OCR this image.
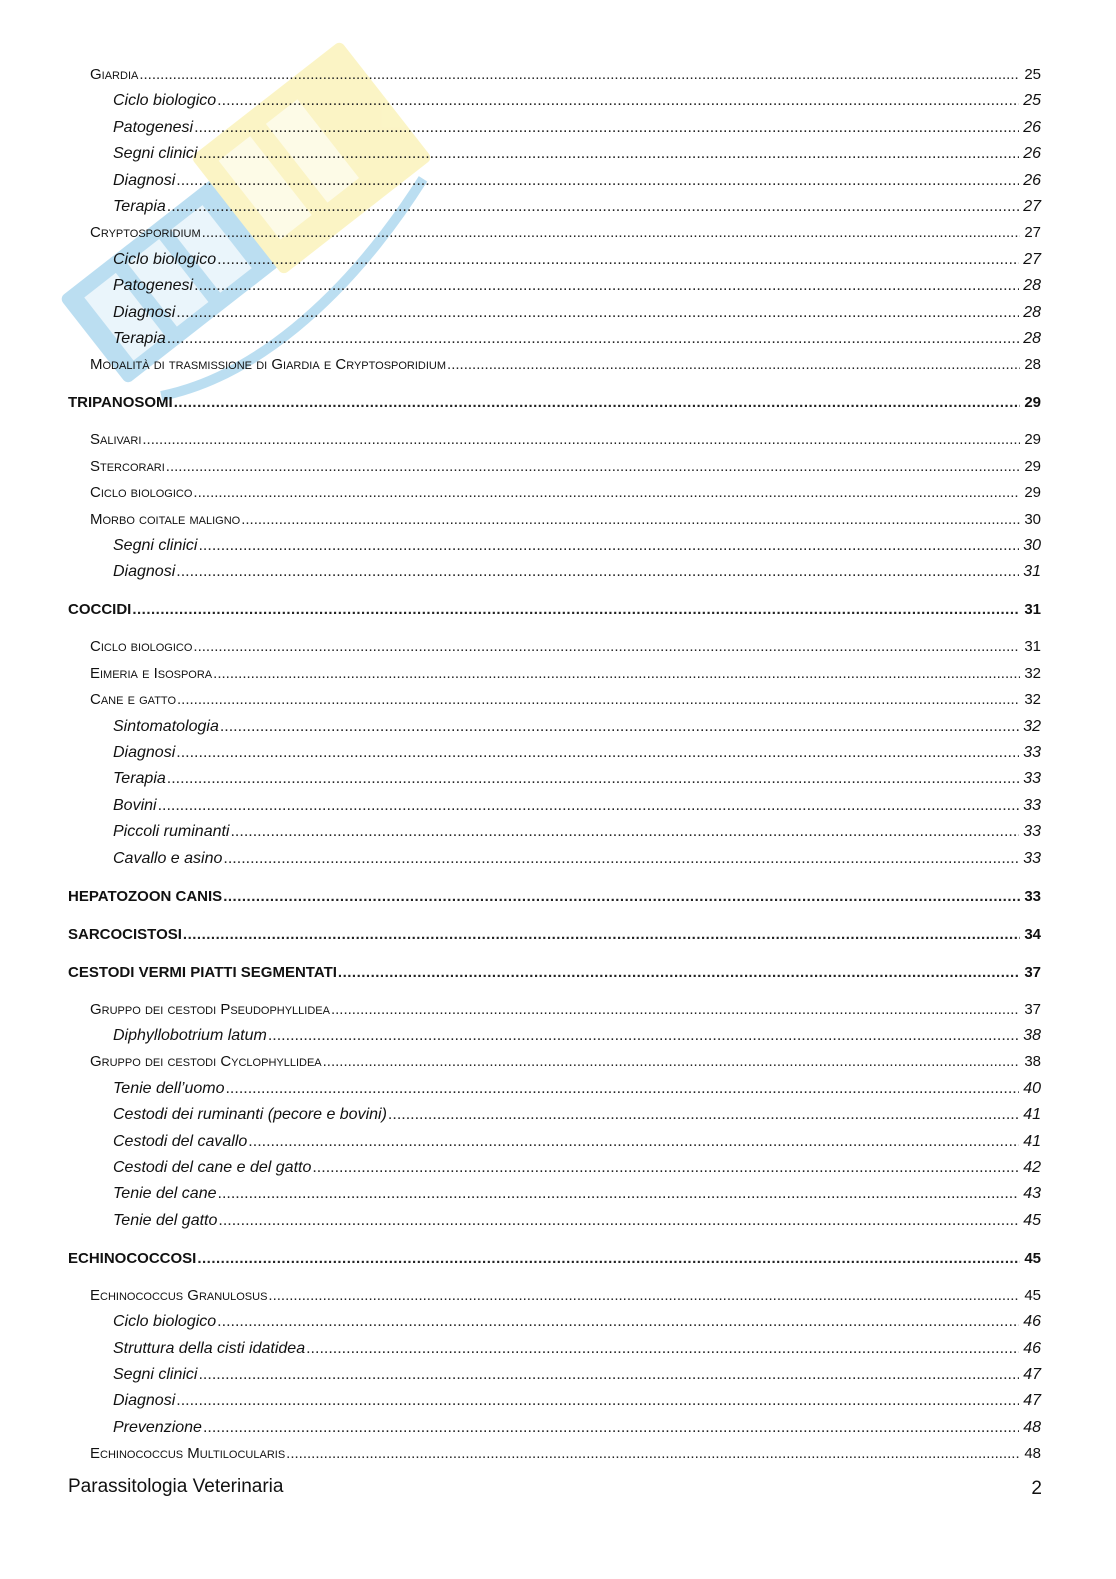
Giardia .....	25
Ciclo biologico .....	25
Patogenesi .....	26
Segni clinici .....	26
Diagnosi .....	26
Terapia .....	27
Cryptosporidium .....	27
Ciclo biologico .....	27
Patogenesi .....	28
Diagnosi .....	28
Terapia .....	28
Modalità di trasmissione di Giardia e Cryptosporidium .....	28
TRIPANOSOMI .....	29
Salivari .....	29
Stercorari .....	29
Ciclo biologico .....	29
Morbo coitale maligno .....	30
Segni clinici .....	30
Diagnosi .....	31
COCCIDI .....	31
Ciclo biologico .....	31
Eimeria e Isospora .....	32
Cane e gatto .....	32
Sintomatologia .....	32
Diagnosi .....	33
Terapia .....	33
Bovini .....	33
Piccoli ruminanti .....	33
Cavallo e asino .....	33
HEPATOZOON CANIS .....	33
SARCOCISTOSI .....	34
CESTODI VERMI PIATTI SEGMENTATI .....	37
Gruppo dei cestodi Pseudophyllidea .....	37
Diphyllobotrium latum .....	38
Gruppo dei cestodi Cyclophyllidea .....	38
Tenie dell’uomo .....	40
Cestodi dei ruminanti (pecore e bovini) .....	41
Cestodi del cavallo .....	41
Cestodi del cane e del gatto .....	42
Tenie del cane .....	43
Tenie del gatto .....	45
ECHINOCOCCOSI .....	45
Echinococcus Granulosus .....	45
Ciclo biologico .....	46
Struttura della cisti idatidea .....	46
Segni clinici .....	47
Diagnosi .....	47
Prevenzione .....	48
Echinococcus Multilocularis .....	48
Parassitologia Veterinaria	2
